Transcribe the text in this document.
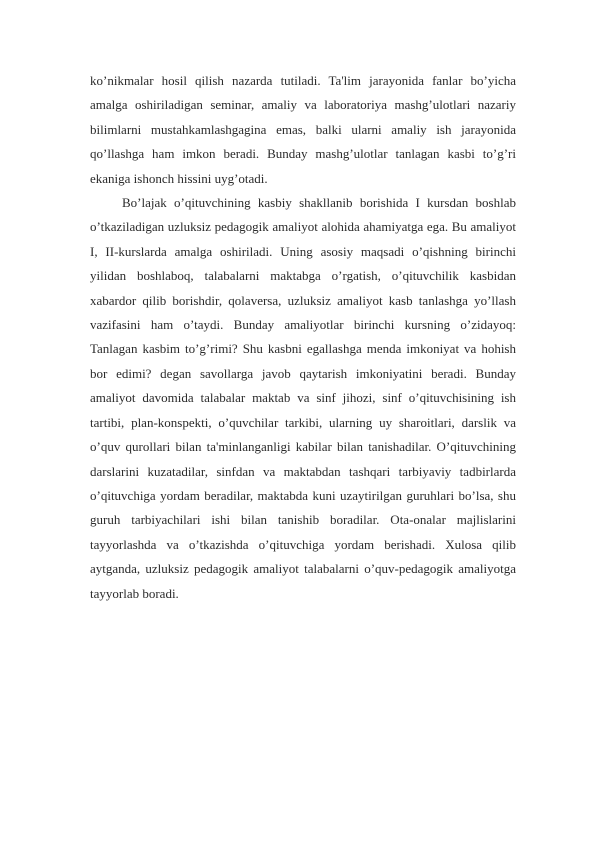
ko’nikmalar hosil qilish nazarda tutiladi. Ta'lim jarayonida fanlar bo’yicha amalga oshiriladigan seminar, amaliy va laboratoriya mashg’ulotlari nazariy bilimlarni mustahkamlashgagina emas, balki ularni amaliy ish jarayonida qo’llashga ham imkon beradi. Bunday mashg’ulotlar tanlagan kasbi to’g’ri ekaniga ishonch hissini uyg’otadi.

Bo’lajak o’qituvchining kasbiy shakllanib borishida I kursdan boshlab o’tkaziladigan uzluksiz pedagogik amaliyot alohida ahamiyatga ega. Bu amaliyot I, II-kurslarda amalga oshiriladi. Uning asosiy maqsadi o’qishning birinchi yilidan boshlaboq, talabalarni maktabga o’rgatish, o’qituvchilik kasbidan xabardor qilib borishdir, qolaversa, uzluksiz amaliyot kasb tanlashga yo’llash vazifasini ham o’taydi. Bunday amaliyotlar birinchi kursning o’zidayoq: Tanlagan kasbim to’g’rimi? Shu kasbni egallashga menda imkoniyat va hohish bor edimi? degan savollarga javob qaytarish imkoniyatini beradi. Bunday amaliyot davomida talabalar maktab va sinf jihozi, sinf o’qituvchisining ish tartibi, plan-konspekti, o’quvchilar tarkibi, ularning uy sharoitlari, darslik va o’quv qurollari bilan ta'minlanganligi kabilar bilan tanishadilar. O’qituvchining darslarini kuzatadilar, sinfdan va maktabdan tashqari tarbiyaviy tadbirlarda o’qituvchiga yordam beradilar, maktabda kuni uzaytirilgan guruhlari bo’lsa, shu guruh tarbiyachilari ishi bilan tanishib boradilar. Ota-onalar majlislarini tayyorlashda va o’tkazishda o’qituvchiga yordam berishadi. Xulosa qilib aytganda, uzluksiz pedagogik amaliyot talabalarni o’quv-pedagogik amaliyotga tayyorlab boradi.
